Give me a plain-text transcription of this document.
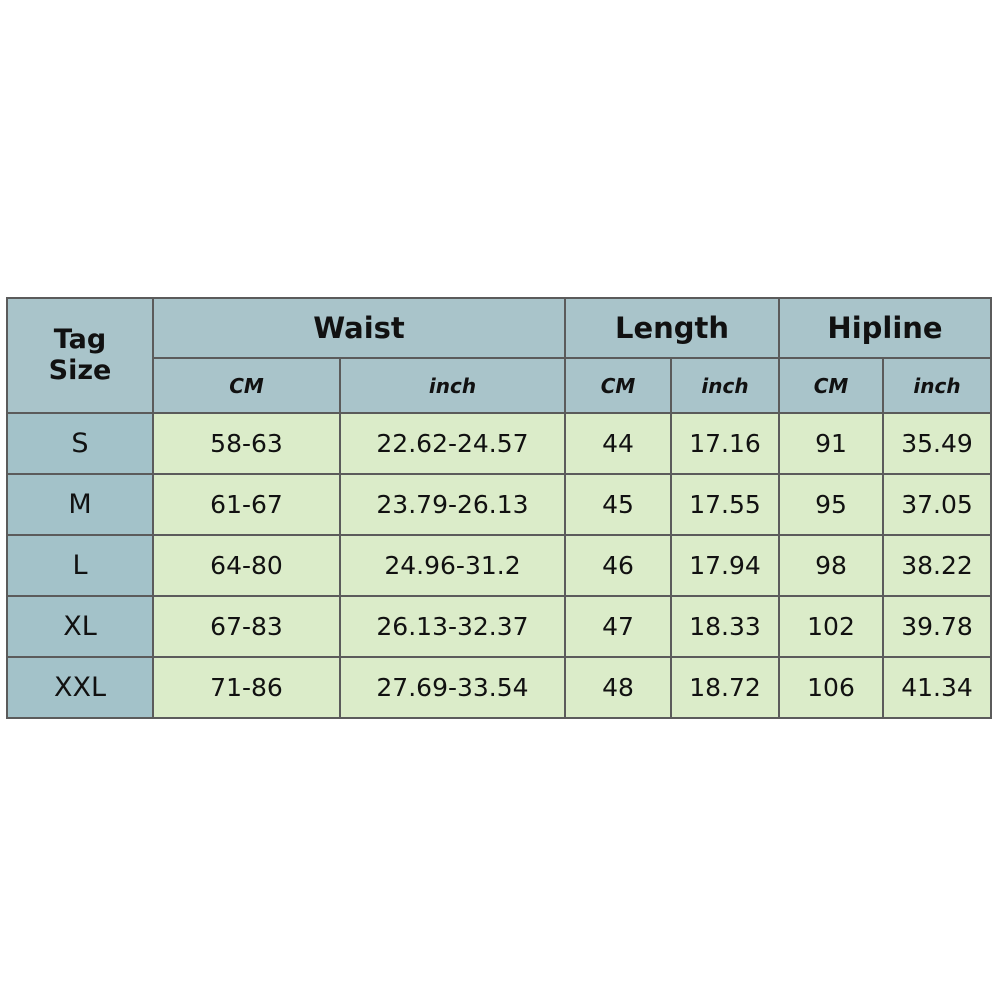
Tag
Size	Waist		Length		Hipline	
	CM	inch	CM	inch	CM	inch
S	58-63	22.62-24.57	44	17.16	91	35.49
M	61-67	23.79-26.13	45	17.55	95	37.05
L	64-80	24.96-31.2	46	17.94	98	38.22
XL	67-83	26.13-32.37	47	18.33	102	39.78
XXL	71-86	27.69-33.54	48	18.72	106	41.34
